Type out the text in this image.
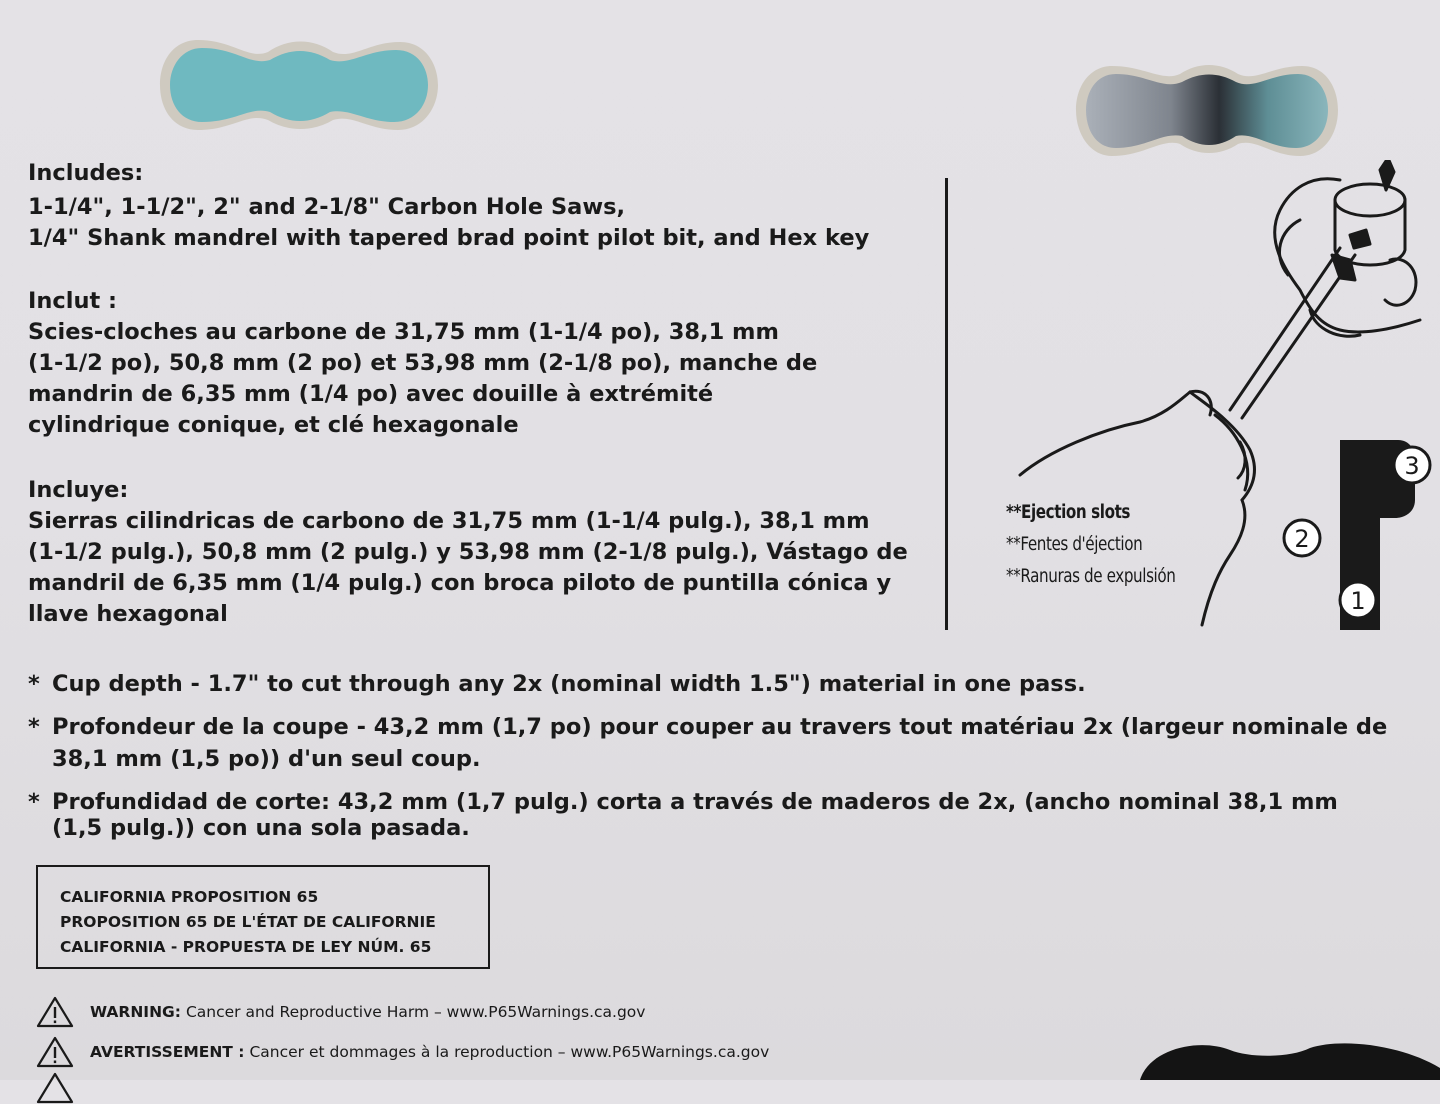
Includes:
1-1/4", 1-1/2", 2" and 2-1/8" Carbon Hole Saws,
1/4" Shank mandrel with tapered brad point pilot bit, and Hex key
Inclut :
Scies-cloches au carbone de 31,75 mm (1-1/4 po), 38,1 mm
(1-1/2 po), 50,8 mm (2 po) et 53,98 mm (2-1/8 po), manche de
mandrin de 6,35 mm (1/4 po) avec douille à extrémité
cylindrique conique, et clé hexagonale
Incluye:
Sierras cilindricas de carbono de 31,75 mm (1-1/4 pulg.), 38,1 mm
(1-1/2 pulg.), 50,8 mm (2 pulg.) y 53,98 mm (2-1/8 pulg.), Vástago de
mandril de 6,35 mm (1/4 pulg.) con broca piloto de puntilla cónica y
llave hexagonal
3
2
1
**Ejection slots
**Fentes d'éjection
**Ranuras de expulsión
* Cup depth - 1.7" to cut through any 2x (nominal width 1.5") material in one pass.
* Profondeur de la coupe - 43,2 mm (1,7 po) pour couper au travers tout matériau 2x (largeur nominale de
38,1 mm (1,5 po)) d'un seul coup.
* Profundidad de corte: 43,2 mm (1,7 pulg.) corta a través de maderos de 2x, (ancho nominal 38,1 mm
(1,5 pulg.)) con una sola pasada.
CALIFORNIA PROPOSITION 65
PROPOSITION 65 DE L'ÉTAT DE CALIFORNIE
CALIFORNIA - PROPUESTA DE LEY NÚM. 65
WARNING: Cancer and Reproductive Harm – www.P65Warnings.ca.gov
AVERTISSEMENT : Cancer et dommages à la reproduction – www.P65Warnings.ca.gov
